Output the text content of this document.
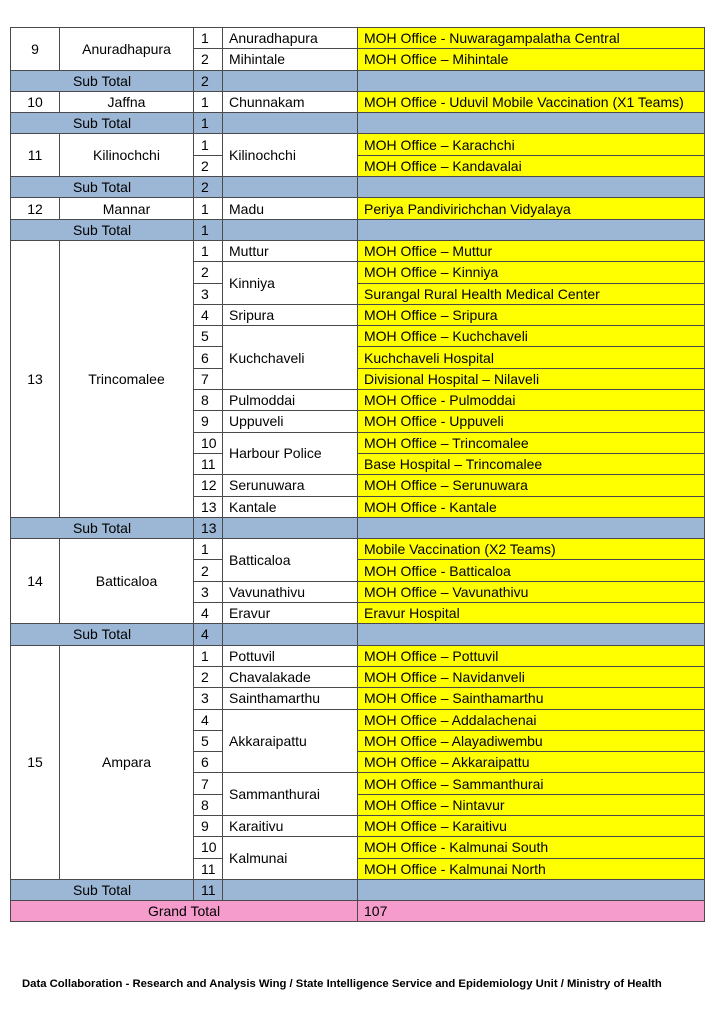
9	Anuradhapura	1	Anuradhapura	MOH Office - Nuwaragampalatha Central
		2	Mihintale	MOH Office – Mihintale
Sub Total		2		
10	Jaffna	1	Chunnakam	MOH Office - Uduvil Mobile Vaccination (X1 Teams)
Sub Total		1		
11	Kilinochchi	1	Kilinochchi	MOH Office – Karachchi
		2		MOH Office – Kandavalai
Sub Total		2		
12	Mannar	1	Madu	Periya Pandivirichchan Vidyalaya
Sub Total		1		
13	Trincomalee	1	Muttur	MOH Office – Muttur
		2	Kinniya	MOH Office – Kinniya
		3		Surangal Rural Health Medical Center
		4	Sripura	MOH Office – Sripura
		5	Kuchchaveli	MOH Office – Kuchchaveli
		6		Kuchchaveli Hospital
		7		Divisional Hospital – Nilaveli
		8	Pulmoddai	MOH Office - Pulmoddai
		9	Uppuveli	MOH Office - Uppuveli
		10	Harbour Police	MOH Office – Trincomalee
		11		Base Hospital – Trincomalee
		12	Serunuwara	MOH Office – Serunuwara
		13	Kantale	MOH Office - Kantale
Sub Total		13		
14	Batticaloa	1	Batticaloa	Mobile Vaccination (X2 Teams)
		2		MOH Office - Batticaloa
		3	Vavunathivu	MOH Office – Vavunathivu
		4	Eravur	Eravur Hospital
Sub Total		4		
15	Ampara	1	Pottuvil	MOH Office – Pottuvil
		2	Chavalakade	MOH Office – Navidanveli
		3	Sainthamarthu	MOH Office – Sainthamarthu
		4	Akkaraipattu	MOH Office – Addalachenai
		5		MOH Office – Alayadiwembu
		6		MOH Office – Akkaraipattu
		7	Sammanthurai	MOH Office – Sammanthurai
		8		MOH Office – Nintavur
		9	Karaitivu	MOH Office – Karaitivu
		10	Kalmunai	MOH Office - Kalmunai South
		11		MOH Office - Kalmunai North
Sub Total		11		
Grand Total				107
Data Collaboration - Research and Analysis Wing / State Intelligence Service and Epidemiology Unit / Ministry of Health
